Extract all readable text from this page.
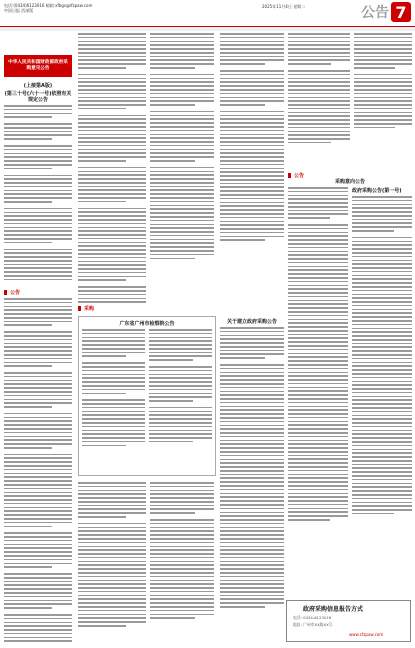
电话:(0434)6123016 邮箱:xfbgs@ifzpaw.com
中国日报 西部版
2025年11月4日 星期二	公告 7
中华人民共和国财政部政府采购意见公告
(上接第A版)
(第三十号(六十一号)依照有关规定公告
公告
采购
广东省广州市检察院公告	关于建立政府采购公告
采购意向公告
政府采购公告(第一号)
公告
政府采购信息报告方式
电话: 0434-6123016
地址: 广州市XX路XX号
www.cfzpaw.com
